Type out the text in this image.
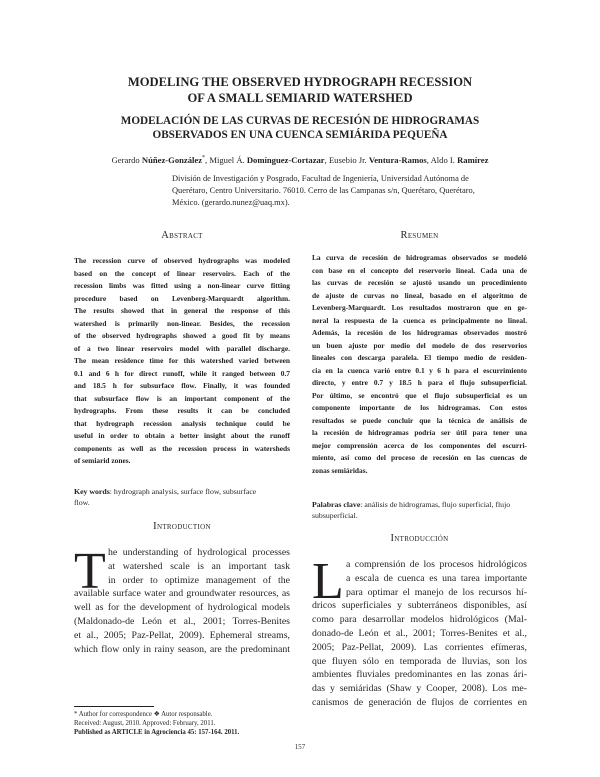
MODELING THE OBSERVED HYDROGRAPH RECESSION
OF A SMALL SEMIARID WATERSHED
MODELACIÓN DE LAS CURVAS DE RECESIÓN DE HIDROGRAMAS
OBSERVADOS EN UNA CUENCA SEMIÁRIDA PEQUEÑA
Gerardo Núñez-González*, Miguel Á. Domínguez-Cortazar, Eusebio Jr. Ventura-Ramos, Aldo I. Ramírez
División de Investigación y Posgrado, Facultad de Ingeniería, Universidad Autónoma de
Querétaro, Centro Universitario. 76010. Cerro de las Campanas s/n, Querétaro, Querétaro,
México. (gerardo.nunez@uaq.mx).
Abstract	Resumen
The recession curve of observed hydrographs was modeled
based on the concept of linear reservoirs. Each of the
recession limbs was fitted using a non-linear curve fitting
procedure based on Levenberg-Marquardt algorithm.
The results showed that in general the response of this
watershed is primarily non-linear. Besides, the recession
of the observed hydrographs showed a good fit by means
of a two linear reservoirs model with parallel discharge.
The mean residence time for this watershed varied between
0.1 and 6 h for direct runoff, while it ranged between 0.7
and 18.5 h for subsurface flow. Finally, it was founded
that subsurface flow is an important component of the
hydrographs. From these results it can be concluded
that hydrograph recession analysis technique could be
useful in order to obtain a better insight about the runoff
components as well as the recession process in watersheds
of semiarid zones.
La curva de recesión de hidrogramas observados se modeló
con base en el concepto del reservorio lineal. Cada una de
las curvas de recesión se ajustó usando un procedimiento
de ajuste de curvas no lineal, basado en el algoritmo de
Levenberg-Marquardt. Los resultados mostraron que en ge-
neral la respuesta de la cuenca es principalmente no lineal.
Además, la recesión de los hidrogramas observados mostró
un buen ajuste por medio del modelo de dos reservorios
lineales con descarga paralela. El tiempo medio de residen-
cia en la cuenca varió entre 0.1 y 6 h para el escurrimiento
directo, y entre 0.7 y 18.5 h para el flujo subsuperficial.
Por último, se encontró que el flujo subsuperficial es un
componente importante de los hidrogramas. Con estos
resultados se puede concluir que la técnica de análisis de
la recesión de hidrogramas podría ser útil para tener una
mejor comprensión acerca de los componentes del escurri-
miento, así como del proceso de recesión en las cuencas de
zonas semiáridas.
Key words: hydrograph analysis, surface flow, subsurface
flow.	Palabras clave: análisis de hidrogramas, flujo superficial, flujo
subsuperficial.
Introduction
Introducción
T he understanding of hydrological processes
at watershed scale is an important task
in order to optimize management of the
available surface water and groundwater resources, as
well as for the development of hydrological models
(Maldonado-de León et al., 2001; Torres-Benites
et al., 2005; Paz-Pellat, 2009). Ephemeral streams,
which flow only in rainy season, are the predominant
L a comprensión de los procesos hidrológicos
a escala de cuenca es una tarea importante
para optimar el manejo de los recursos hí-
dricos superficiales y subterráneos disponibles, así
como para desarrollar modelos hidrológicos (Mal-
donado-de León et al., 2001; Torres-Benites et al.,
2005; Paz-Pellat, 2009). Las corrientes efímeras,
que fluyen sólo en temporada de lluvias, son los
ambientes fluviales predominantes en las zonas ári-
das y semiáridas (Shaw y Cooper, 2008). Los me-
canismos de generación de flujos de corrientes en
* Author for correspondence ❖ Autor responsable.
Received: August, 2010. Approved: February, 2011.
Published as ARTICLE in Agrociencia 45: 157-164. 2011.
157
